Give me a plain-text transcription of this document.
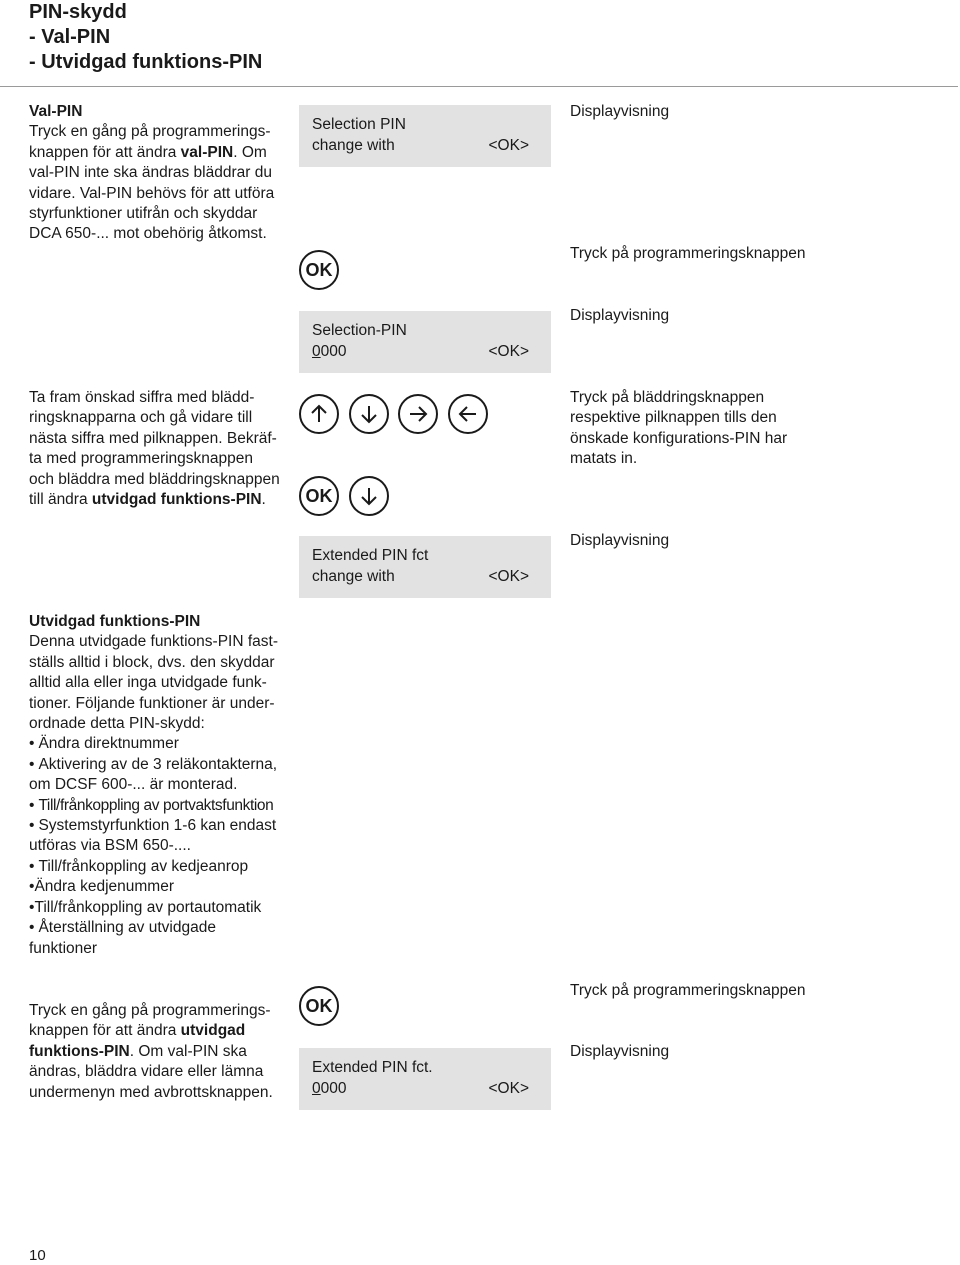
PIN-skydd
- Val-PIN
- Utvidgad funktions-PIN
Val-PIN
Tryck en gång på programmerings-
knappen för att ändra val-PIN. Om
val-PIN inte ska ändras bläddrar du
vidare. Val-PIN behövs för att utföra
styrfunktioner utifrån och skyddar
DCA 650-... mot obehörig åtkomst.
Selection PIN
change with	<OK>
Displayvisning
OK
Tryck på programmeringsknappen
Selection-PIN
0000	<OK>
Displayvisning
Ta fram önskad siffra med blädd-
ringsknapparna och gå vidare till
nästa siffra med pilknappen. Bekräf-
ta med programmeringsknappen
och bläddra med bläddringsknappen
till ändra utvidgad funktions-PIN.	OK
Tryck på bläddringsknappen
respektive pilknappen tills den
önskade konfigurations-PIN har
matats in.
Extended PIN fct
change with	<OK>
Displayvisning
Utvidgad funktions-PIN
Denna utvidgade funktions-PIN fast-
ställs alltid i block, dvs. den skyddar
alltid alla eller inga utvidgade funk-
tioner. Följande funktioner är under-
ordnade detta PIN-skydd:
• Ändra direktnummer
• Aktivering av de 3 reläkontakterna,
om DCSF 600-... är monterad.
• Till/frånkoppling av portvaktsfunktion
• Systemstyrfunktion 1-6 kan endast
utföras via BSM 650-....
• Till/frånkoppling av kedjeanrop
•Ändra kedjenummer
•Till/frånkoppling av portautomatik
• Återställning av utvidgade
funktioner
OK
Tryck på programmeringsknappen
Tryck en gång på programmerings-
knappen för att ändra utvidgad
funktions-PIN. Om val-PIN ska
ändras, bläddra vidare eller lämna
undermenyn med avbrottsknappen.
Extended PIN fct.
0000	<OK>
Displayvisning
10
